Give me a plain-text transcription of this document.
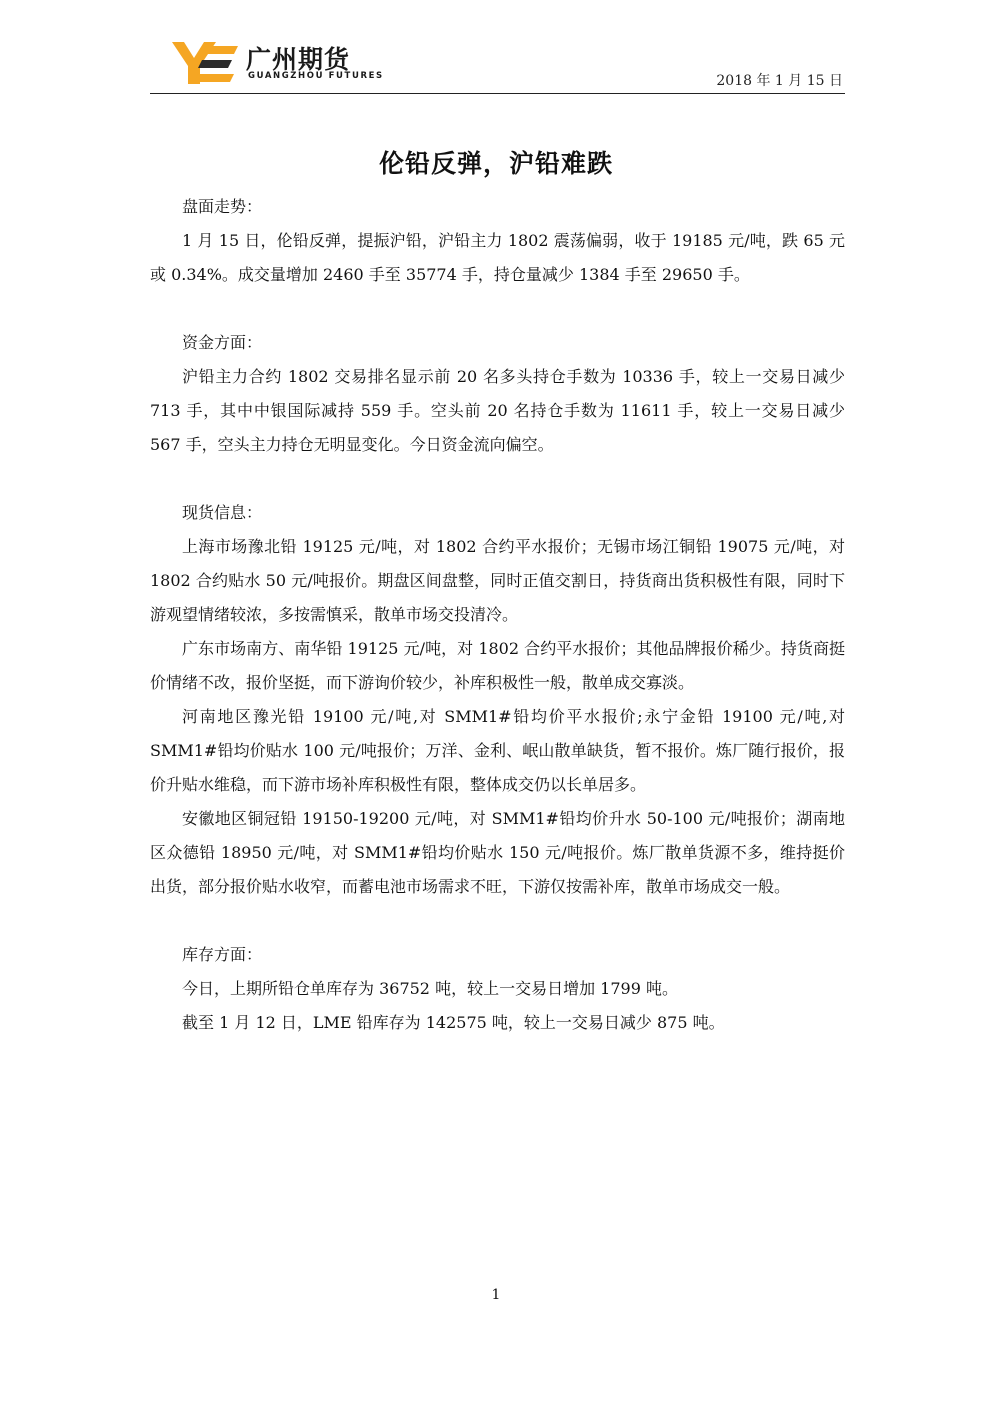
广州期货
GUANGZHOU FUTURES	2018 年 1 月 15 日
伦铅反弹，沪铅难跌

盘面走势：

1 月 15 日，伦铅反弹，提振沪铅，沪铅主力 1802 震荡偏弱，收于 19185 元/吨，跌 65 元或 0.34%。成交量增加 2460 手至 35774 手，持仓量减少 1384 手至 29650 手。

资金方面：

沪铅主力合约 1802 交易排名显示前 20 名多头持仓手数为 10336 手，较上一交易日减少 713 手，其中中银国际减持 559 手。空头前 20 名持仓手数为 11611 手，较上一交易日减少 567 手，空头主力持仓无明显变化。今日资金流向偏空。

现货信息：

上海市场豫北铅 19125 元/吨，对 1802 合约平水报价；无锡市场江铜铅 19075 元/吨，对 1802 合约贴水 50 元/吨报价。期盘区间盘整，同时正值交割日，持货商出货积极性有限，同时下游观望情绪较浓，多按需慎采，散单市场交投清冷。

广东市场南方、南华铅 19125 元/吨，对 1802 合约平水报价；其他品牌报价稀少。持货商挺价情绪不改，报价坚挺，而下游询价较少，补库积极性一般，散单成交寡淡。

河南地区豫光铅 19100 元/吨,对 SMM1#铅均价平水报价;永宁金铅 19100 元/吨,对 SMM1#铅均价贴水 100 元/吨报价；万洋、金利、岷山散单缺货，暂不报价。炼厂随行报价，报价升贴水维稳，而下游市场补库积极性有限，整体成交仍以长单居多。

安徽地区铜冠铅 19150-19200 元/吨，对 SMM1#铅均价升水 50-100 元/吨报价；湖南地区众德铅 18950 元/吨，对 SMM1#铅均价贴水 150 元/吨报价。炼厂散单货源不多，维持挺价出货，部分报价贴水收窄，而蓄电池市场需求不旺，下游仅按需补库，散单市场成交一般。

库存方面：

今日，上期所铅仓单库存为 36752 吨，较上一交易日增加 1799 吨。

截至 1 月 12 日，LME 铅库存为 142575 吨，较上一交易日减少 875 吨。

1
